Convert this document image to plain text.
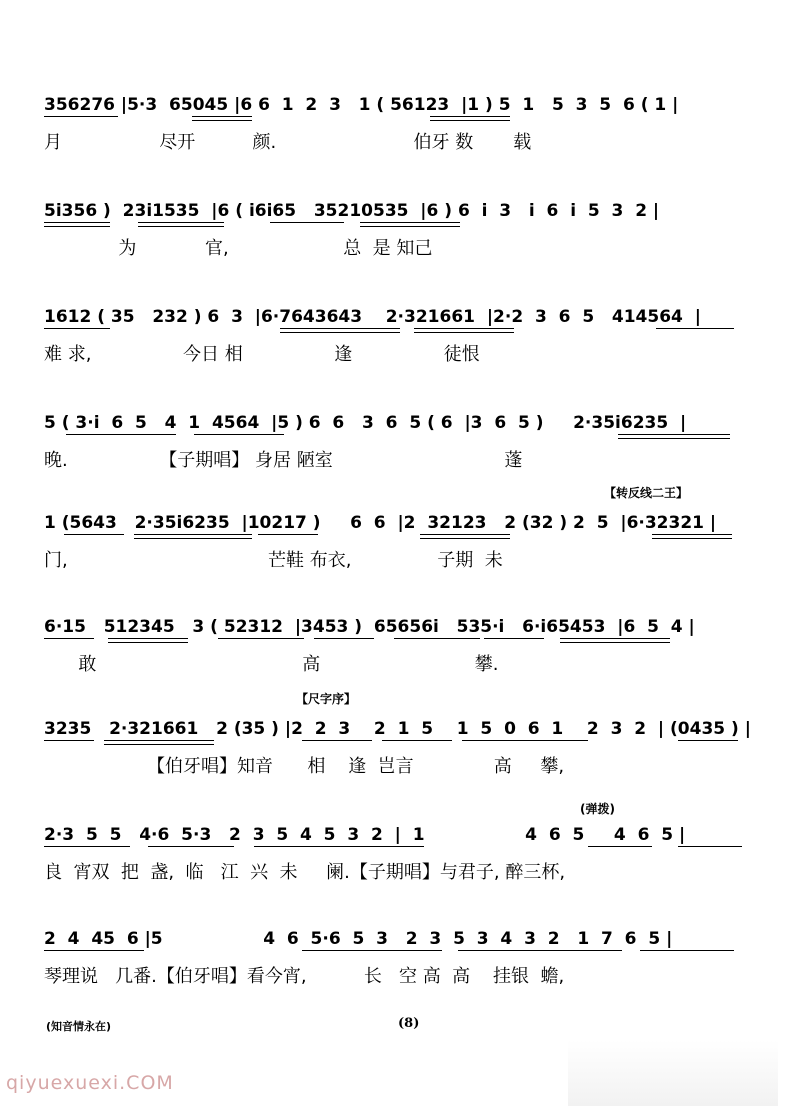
356276 |5·3  65045 |6 6  1  2  3   1 ( 56123  |1 ) 5  1   5  3  5  6 ( 1 |
月                 尽开          颜.                        伯牙 数       载
5i356 )  23i1535  |6 ( i6i65   35210535  |6 ) 6  i  3   i  6  i  5  3  2 |
为            官,                    总  是 知己
1612 ( 35   232 ) 6  3  |6·7643643    2·321661  |2·2  3  6  5   414564  |
难 求,                今日 相                逢                徒恨
5 ( 3·i  6  5   4  1  4564  |5 ) 6  6   3  6  5 ( 6  |3  6  5 )     2·35i6235  |
晚.                【子期唱】 身居 陋室                              蓬
【转反线二王】
1 (5643   2·35i6235  |10217 )     6  6  |2  32123   2 (32 ) 2  5  |6·32321 |
门,                                   芒鞋 布衣,               子期  未
6·15   512345   3 ( 52312  |3453 )  65656i   535·i   6·i65453  |6  5  4 |
敢                                    高                           攀.
【尺字序】
3235   2·321661   2 (35 ) |2  2  3    2  1  5    1  5  0  6  1    2  3  2  | (0435 ) |
【伯牙唱】知音      相    逢  岂言              高     攀,
(弹拨)
2·3  5  5   4·6  5·3   2  3  5  4  5  3  2  |  1                 4  6  5     4  6  5 |
良  宵双  把  盏,  临   江  兴  未     阑.【子期唱】与君子, 醉三杯,
2  4  45  6 |5                 4  6  5·6  5  3   2  3  5  3  4  3  2   1  7  6  5 |
琴理说   几番.【伯牙唱】看今宵,          长   空 高  高    挂银  蟾,
(知音情永在)	(8)
qiyuexuexi.COM
